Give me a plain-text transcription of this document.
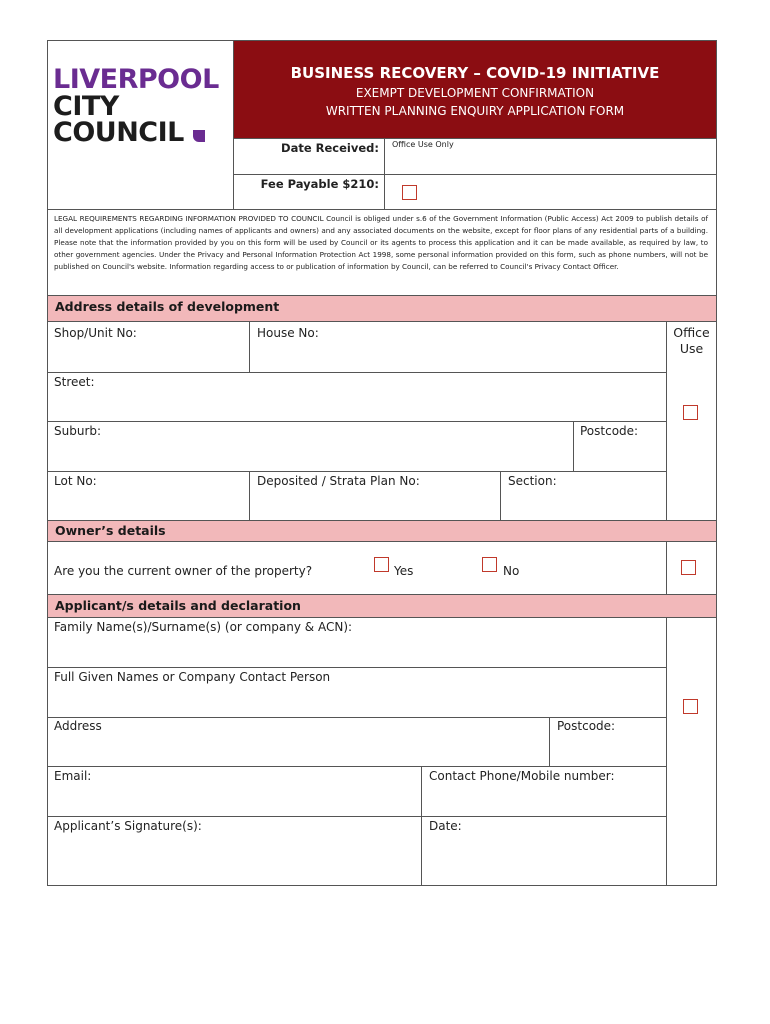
LIVERPOOL
CITY
COUNCIL
BUSINESS RECOVERY – COVID-19 INITIATIVE
EXEMPT DEVELOPMENT CONFIRMATION
WRITTEN PLANNING ENQUIRY APPLICATION FORM
Date Received: Office Use Only
Fee Payable $210:
LEGAL REQUIREMENTS REGARDING INFORMATION PROVIDED TO COUNCIL Council is obliged under s.6 of the Government Information (Public Access) Act 2009 to publish details of all development applications (including names of applicants and owners) and any associated documents on the website, except for floor plans of any residential parts of a building. Please note that the information provided by you on this form will be used by Council or its agents to process this application and it can be made available, as required by law, to other government agencies. Under the Privacy and Personal Information Protection Act 1998, some personal information provided on this form, such as phone numbers, will not be published on Council's website. Information regarding access to or publication of information by Council, can be referred to Council's Privacy Contact Officer.
Address details of development
Office
Use
Shop/Unit No:	House No:
Street:
Suburb:	Postcode:
Lot No:	Deposited / Strata Plan No:	Section:
Owner’s details
Are you the current owner of the property?	Yes	No
Applicant/s details and declaration
Family Name(s)/Surname(s) (or company & ACN):
Full Given Names or Company Contact Person
Address	Postcode:
Email:	Contact Phone/Mobile number:
Applicant’s Signature(s):	Date:
